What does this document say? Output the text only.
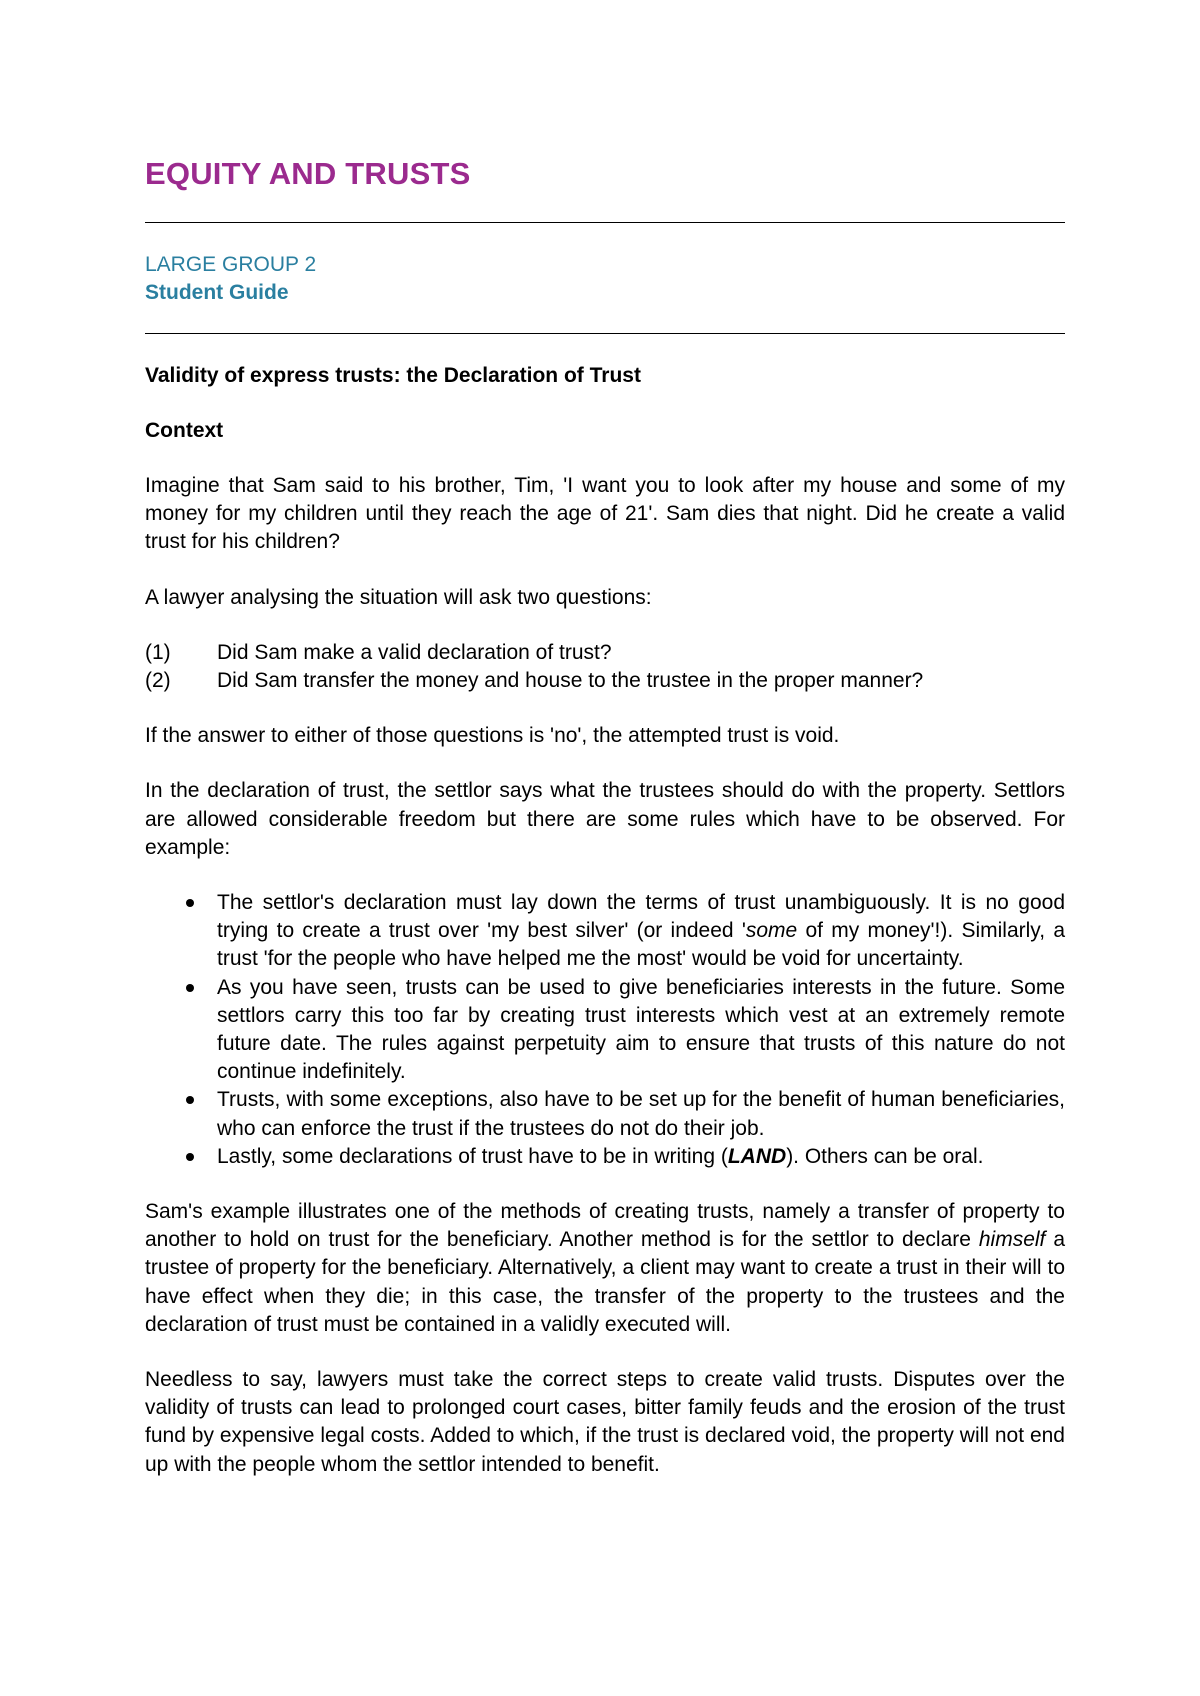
EQUITY AND TRUSTS

LARGE GROUP 2

Student Guide

Validity of express trusts: the Declaration of Trust
Context

Imagine that Sam said to his brother, Tim, 'I want you to look after my house and some of my money for my children until they reach the age of 21'. Sam dies that night. Did he create a valid trust for his children?

A lawyer analysing the situation will ask two questions:

(1)	Did Sam make a valid declaration of trust?
(2)	Did Sam transfer the money and house to the trustee in the proper manner?

If the answer to either of those questions is 'no', the attempted trust is void.

In the declaration of trust, the settlor says what the trustees should do with the property. Settlors are allowed considerable freedom but there are some rules which have to be observed. For example:

The settlor's declaration must lay down the terms of trust unambiguously. It is no good trying to create a trust over 'my best silver' (or indeed 'some of my money'!). Similarly, a trust 'for the people who have helped me the most' would be void for uncertainty.
As you have seen, trusts can be used to give beneficiaries interests in the future. Some settlors carry this too far by creating trust interests which vest at an extremely remote future date. The rules against perpetuity aim to ensure that trusts of this nature do not continue indefinitely.
Trusts, with some exceptions, also have to be set up for the benefit of human beneficiaries, who can enforce the trust if the trustees do not do their job.
Lastly, some declarations of trust have to be in writing (LAND). Others can be oral.

Sam's example illustrates one of the methods of creating trusts, namely a transfer of property to another to hold on trust for the beneficiary. Another method is for the settlor to declare himself a trustee of property for the beneficiary. Alternatively, a client may want to create a trust in their will to have effect when they die; in this case, the transfer of the property to the trustees and the declaration of trust must be contained in a validly executed will.

Needless to say, lawyers must take the correct steps to create valid trusts. Disputes over the validity of trusts can lead to prolonged court cases, bitter family feuds and the erosion of the trust fund by expensive legal costs. Added to which, if the trust is declared void, the property will not end up with the people whom the settlor intended to benefit.
